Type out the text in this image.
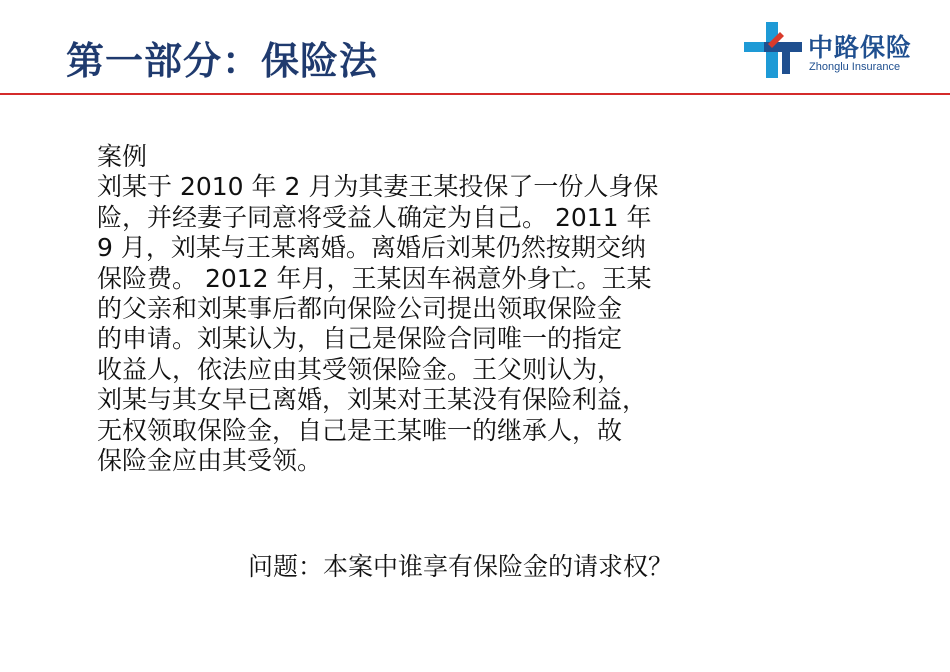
第一部分：保险法	中路保险
Zhonglu Insurance
案例
刘某于 2010 年 2 月为其妻王某投保了一份人身保
险，并经妻子同意将受益人确定为自己。 2011 年
9 月，刘某与王某离婚。离婚后刘某仍然按期交纳
保险费。 2012 年月，王某因车祸意外身亡。王某
的父亲和刘某事后都向保险公司提出领取保险金
的申请。刘某认为，自己是保险合同唯一的指定
收益人，依法应由其受领保险金。王父则认为，
刘某与其女早已离婚，刘某对王某没有保险利益，
无权领取保险金，自己是王某唯一的继承人，故
保险金应由其受领。
问题：本案中谁享有保险金的请求权？
